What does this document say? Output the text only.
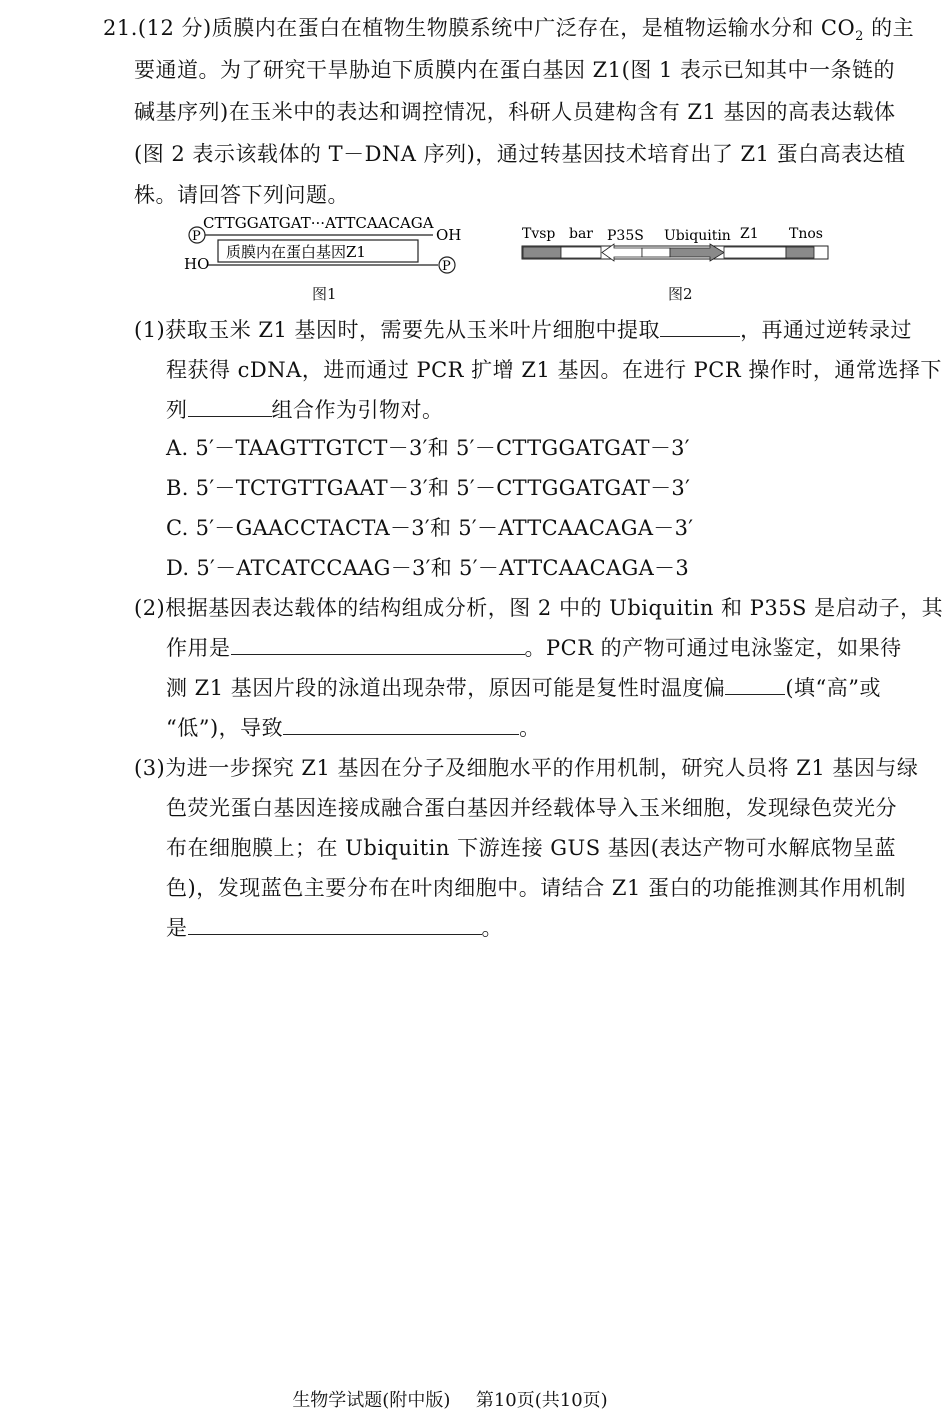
21.(12 分)质膜内在蛋白在植物生物膜系统中广泛存在，是植物运输水分和 $CO_2$ 的主
要通道。为了研究干旱胁迫下质膜内在蛋白基因 Z1(图 1 表示已知其中一条链的
碱基序列)在玉米中的表达和调控情况，科研人员建构含有 Z1 基因的高表达载体
(图 2 表示该载体的 T－DNA 序列)，通过转基因技术培育出了 Z1 蛋白高表达植
株。请回答下列问题。
CTTGGATGAT···ATTCAACAGA
P	OH
质膜内在蛋白基因Z1
HO	P
图1
Tvsp bar P35S Ubiquitin Z1 Tnos
图2
(1)获取玉米 Z1 基因时，需要先从玉米叶片细胞中提取	，再通过逆转录过
程获得 cDNA，进而通过 PCR 扩增 Z1 基因。在进行 PCR 操作时，通常选择下
列	组合作为引物对。
A. 5′－TAAGTTGTCT－3′和 5′－CTTGGATGAT－3′
B. 5′－TCTGTTGAAT－3′和 5′－CTTGGATGAT－3′
C. 5′－GAACCTACTA－3′和 5′－ATTCAACAGA－3′
D. 5′－ATCATCCAAG－3′和 5′－ATTCAACAGA－3
(2)根据基因表达载体的结构组成分析，图 2 中的 Ubiquitin 和 P35S 是启动子，其
作用是	。PCR 的产物可通过电泳鉴定，如果待
测 Z1 基因片段的泳道出现杂带，原因可能是复性时温度偏	(填“高”或
“低”)，导致	。
(3)为进一步探究 Z1 基因在分子及细胞水平的作用机制，研究人员将 Z1 基因与绿
色荧光蛋白基因连接成融合蛋白基因并经载体导入玉米细胞，发现绿色荧光分
布在细胞膜上；在 Ubiquitin 下游连接 GUS 基因(表达产物可水解底物呈蓝
色)，发现蓝色主要分布在叶肉细胞中。请结合 Z1 蛋白的功能推测其作用机制
是	。
生物学试题(附中版) 第10页(共10页)
